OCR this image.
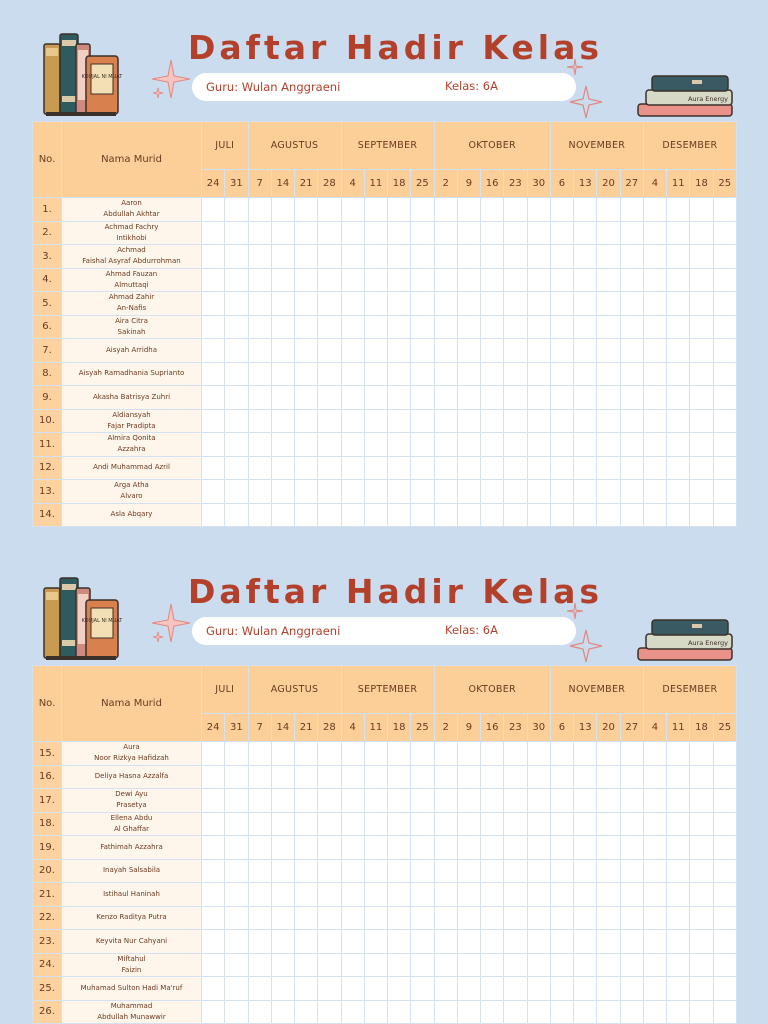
KOUJAL NI MUAT
Daftar Hadir Kelas
Guru: Wulan Anggraeni	Kelas: 6A
Aura Energy
No.	Nama Murid	JULI		AGUSTUS				SEPTEMBER				OKTOBER					NOVEMBER				DESEMBER			
		24	31	7	14	21	28	4	11	18	25	2	9	16	23	30	6	13	20	27	4	11	18	25
1.	Aaron
Abdullah Akhtar																							

2.	Achmad Fachry
Intikhobi																							

3.	Achmad
Faishal Asyraf Abdurrohman																							

4.	Ahmad Fauzan
Almuttaqi																							

5.	Ahmad Zahir
An-Nafis																							

6.	Aira Citra
Sakinah																							

7.	Aisyah Arridha																							

8.	Aisyah Ramadhania Suprianto																							

9.	Akasha Batrisya Zuhri																							

10.	Aldiansyah
Fajar Pradipta																							

11.	Almira Qonita
Azzahra																							

12.	Andi Muhammad Azril																							

13.	Arga Atha
Alvaro																							

14.	Asla Abqary																							

KOUJAL NI MUAT
Daftar Hadir Kelas
Guru: Wulan Anggraeni	Kelas: 6A
Aura Energy
No.	Nama Murid	JULI		AGUSTUS				SEPTEMBER				OKTOBER					NOVEMBER				DESEMBER			
		24	31	7	14	21	28	4	11	18	25	2	9	16	23	30	6	13	20	27	4	11	18	25
15.	Aura
Noor Rizkya Hafidzah																							

16.	Deliya Hasna Azzalfa																							

17.	Dewi Ayu
Prasetya																							

18.	Ellena Abdu
Al Ghaffar																							

19.	Fathimah Azzahra																							

20.	Inayah Salsabila																							

21.	Istihaul Haninah																							

22.	Kenzo Raditya Putra																							

23.	Keyvita Nur Cahyani																							

24.	Miftahul
Faizin																							

25.	Muhamad Sulton Hadi Ma'ruf																							

26.	Muhammad
Abdullah Munawwir																							
